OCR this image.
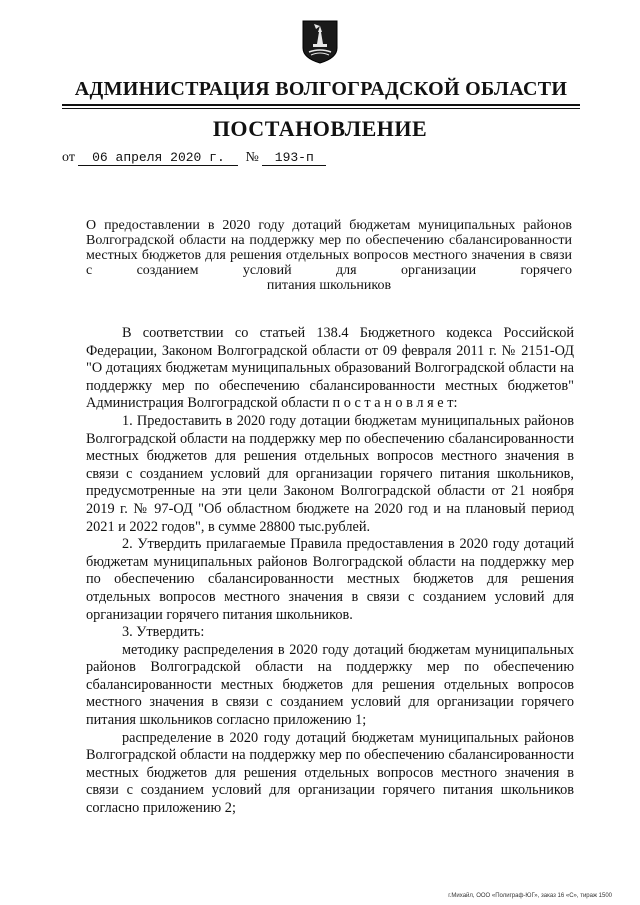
АДМИНИСТРАЦИЯ ВОЛГОГРАДСКОЙ ОБЛАСТИ
ПОСТАНОВЛЕНИЕ
от 06 апреля 2020 г. № 193-п
О предоставлении в 2020 году дотаций бюджетам муниципальных районов Волгоградской области на поддержку мер по обеспечению сбалансированности местных бюджетов для решения отдельных вопросов местного значения в связи с созданием условий для организации горячего
питания школьников

В соответствии со статьей 138.4 Бюджетного кодекса Российской Федерации, Законом Волгоградской области от 09 февраля 2011 г. № 2151-ОД "О дотациях бюджетам муниципальных образований Волгоградской области на поддержку мер по обеспечению сбалансированности местных бюджетов" Администрация Волгоградской области п о с т а н о в л я е т:

1. Предоставить в 2020 году дотации бюджетам муниципальных районов Волгоградской области на поддержку мер по обеспечению сбалансированности местных бюджетов для решения отдельных вопросов местного значения в связи с созданием условий для организации горячего питания школьников, предусмотренные на эти цели Законом Волгоградской области от 21 ноября 2019 г. № 97-ОД "Об областном бюджете на 2020 год и на плановый период 2021 и 2022 годов", в сумме 28800 тыс.рублей.

2. Утвердить прилагаемые Правила предоставления в 2020 году дотаций бюджетам муниципальных районов Волгоградской области на поддержку мер по обеспечению сбалансированности местных бюджетов для решения отдельных вопросов местного значения в связи с созданием условий для организации горячего питания школьников.

3. Утвердить:

методику распределения в 2020 году дотаций бюджетам муниципальных районов Волгоградской области на поддержку мер по обеспечению сбалансированности местных бюджетов для решения отдельных вопросов местного значения в связи с созданием условий для организации горячего питания школьников согласно приложению 1;

распределение в 2020 году дотаций бюджетам муниципальных районов Волгоградской области на поддержку мер по обеспечению сбалансированности местных бюджетов для решения отдельных вопросов местного значения в связи с созданием условий для организации горячего питания школьников согласно приложению 2;

г.Михайл, ООО «Полиграф-ЮГ», заказ 16 «С», тираж 1500
